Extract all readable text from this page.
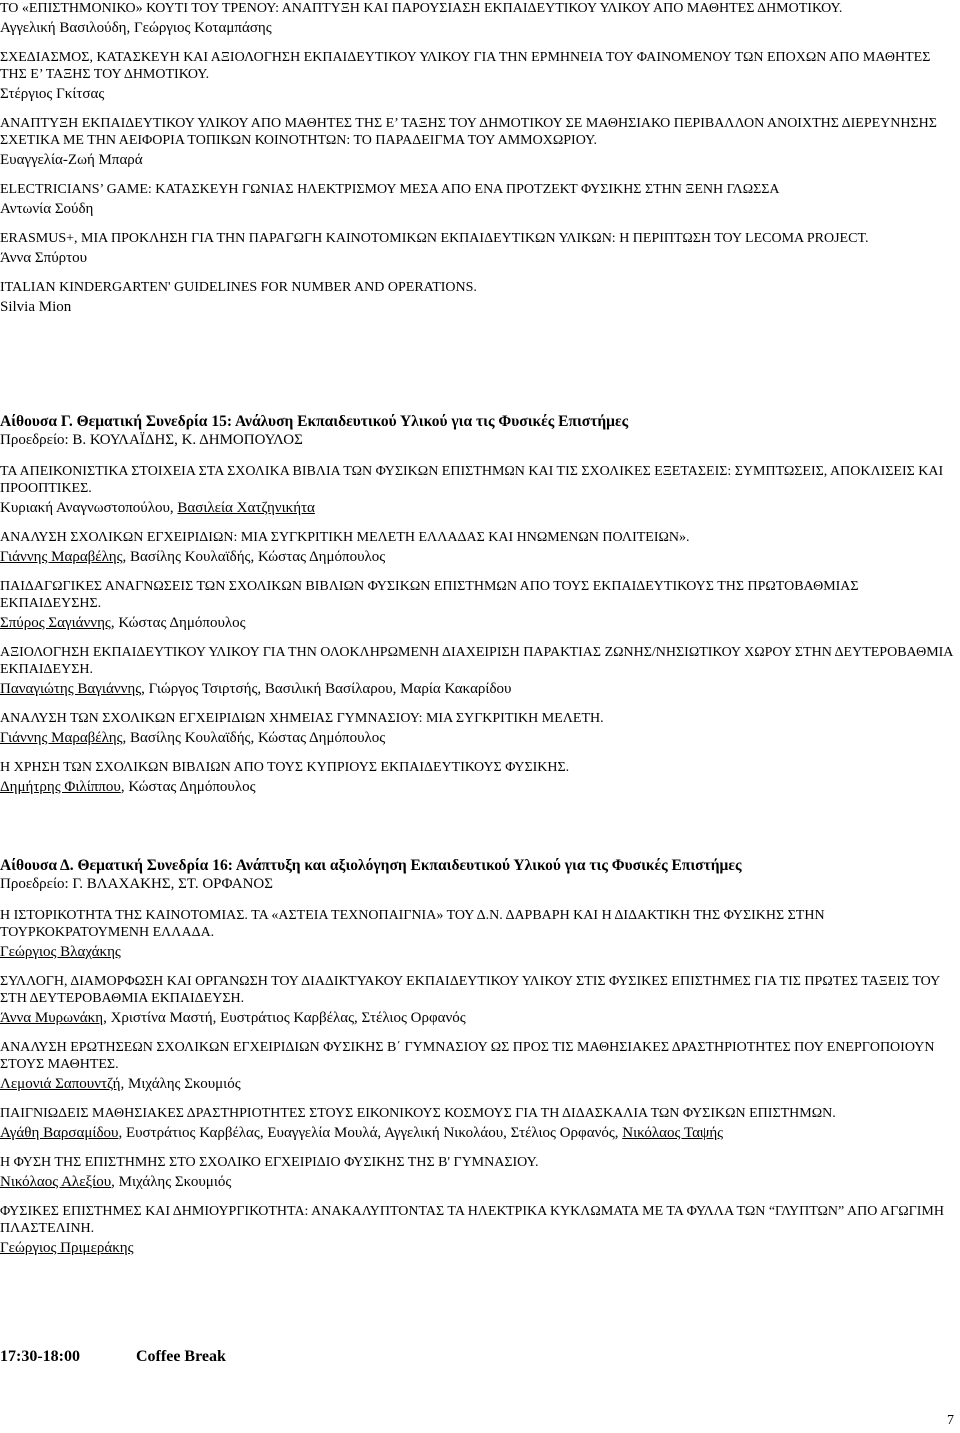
ΤΟ «ΕΠΙΣΤΗΜΟΝΙΚΟ» ΚΟΥΤΙ ΤΟΥ ΤΡΕΝΟΥ: ΑΝΑΠΤΥΞΗ ΚΑΙ ΠΑΡΟΥΣΙΑΣΗ ΕΚΠΑΙΔΕΥΤΙΚΟΥ ΥΛΙΚΟΥ ΑΠΟ ΜΑΘΗΤΕΣ ΔΗΜΟΤΙΚΟΥ.

Αγγελική Βασιλούδη, Γεώργιος Κοταμπάσης

ΣΧΕΔΙΑΣΜΟΣ, ΚΑΤΑΣΚΕΥΗ ΚΑΙ ΑΞΙΟΛΟΓΗΣΗ ΕΚΠΑΙΔΕΥΤΙΚΟΥ ΥΛΙΚΟΥ ΓΙΑ ΤΗΝ ΕΡΜΗΝΕΙΑ ΤΟΥ ΦΑΙΝΟΜΕΝΟΥ ΤΩΝ ΕΠΟΧΩΝ ΑΠΟ ΜΑΘΗΤΕΣ ΤΗΣ Ε’ ΤΑΞΗΣ ΤΟΥ ΔΗΜΟΤΙΚΟΥ.

Στέργιος Γκίτσας

ΑΝΑΠΤΥΞΗ ΕΚΠΑΙΔΕΥΤΙΚΟΥ ΥΛΙΚΟΥ ΑΠΟ ΜΑΘΗΤΕΣ ΤΗΣ Ε’ ΤΑΞΗΣ ΤΟΥ ΔΗΜΟΤΙΚΟΥ ΣΕ ΜΑΘΗΣΙΑΚΟ ΠΕΡΙΒΑΛΛΟΝ ΑΝΟΙΧΤΗΣ ΔΙΕΡΕΥΝΗΣΗΣ ΣΧΕΤΙΚΑ ΜΕ ΤΗΝ ΑΕΙΦΟΡΙΑ ΤΟΠΙΚΩΝ ΚΟΙΝΟΤΗΤΩΝ: ΤΟ ΠΑΡΑΔΕΙΓΜΑ ΤΟΥ ΑΜΜΟΧΩΡΙΟΥ.

Ευαγγελία-Ζωή Μπαρά

ELECTRICIANS’ GAME: ΚΑΤΑΣΚΕΥΗ ΓΩΝΙΑΣ ΗΛΕΚΤΡΙΣΜΟΥ ΜΕΣΑ ΑΠΟ ΕΝΑ ΠΡΟΤΖΕΚΤ ΦΥΣΙΚΗΣ ΣΤΗΝ ΞΕΝΗ ΓΛΩΣΣΑ

Αντωνία Σούδη

ERASMUS+, ΜΙΑ ΠΡΟΚΛΗΣΗ ΓΙΑ ΤΗΝ ΠΑΡΑΓΩΓΗ ΚΑΙΝΟΤΟΜΙΚΩΝ ΕΚΠΑΙΔΕΥΤΙΚΩΝ ΥΛΙΚΩΝ: Η ΠΕΡΙΠΤΩΣΗ ΤΟΥ LECOMA PROJECT.

Άννα Σπύρτου

ITALIAN KINDERGARTEN' GUIDELINES FOR NUMBER AND OPERATIONS.

Silvia Mion

Αίθουσα Γ. Θεματική Συνεδρία 15: Ανάλυση Εκπαιδευτικού Υλικού για τις Φυσικές Επιστήμες

Προεδρείο: Β. ΚΟΥΛΑΪΔΗΣ, Κ. ΔΗΜΟΠΟΥΛΟΣ

ΤΑ ΑΠΕΙΚΟΝΙΣΤΙΚΑ ΣΤΟΙΧΕΙΑ ΣΤΑ ΣΧΟΛΙΚΑ ΒΙΒΛΙΑ ΤΩΝ ΦΥΣΙΚΩΝ ΕΠΙΣΤΗΜΩΝ ΚΑΙ ΤΙΣ ΣΧΟΛΙΚΕΣ ΕΞΕΤΑΣΕΙΣ: ΣΥΜΠΤΩΣΕΙΣ, ΑΠΟΚΛΙΣΕΙΣ ΚΑΙ ΠΡΟΟΠΤΙΚΕΣ.

Κυριακή Αναγνωστοπούλου, Βασιλεία Χατζηνικήτα

ΑΝΑΛΥΣΗ ΣΧΟΛΙΚΩΝ ΕΓΧΕΙΡΙΔΙΩΝ: ΜΙΑ ΣΥΓΚΡΙΤΙΚΗ ΜΕΛΕΤΗ ΕΛΛΑΔΑΣ ΚΑΙ ΗΝΩΜΕΝΩΝ ΠΟΛΙΤΕΙΩΝ».

Γιάννης Μαραβέλης, Βασίλης Κουλαϊδής, Κώστας Δημόπουλος

ΠΑΙΔΑΓΩΓΙΚΕΣ ΑΝΑΓΝΩΣΕΙΣ ΤΩΝ ΣΧΟΛΙΚΩΝ ΒΙΒΛΙΩΝ ΦΥΣΙΚΩΝ ΕΠΙΣΤΗΜΩΝ ΑΠΟ ΤΟΥΣ ΕΚΠΑΙΔΕΥΤΙΚΟΥΣ ΤΗΣ ΠΡΩΤΟΒΑΘΜΙΑΣ ΕΚΠΑΙΔΕΥΣΗΣ.

Σπύρος Σαγιάννης, Κώστας Δημόπουλος

ΑΞΙΟΛΟΓΗΣΗ ΕΚΠΑΙΔΕΥΤΙΚΟΥ ΥΛΙΚΟΥ ΓΙΑ ΤΗΝ ΟΛΟΚΛΗΡΩΜΕΝΗ ΔΙΑΧΕΙΡΙΣΗ ΠΑΡΑΚΤΙΑΣ ΖΩΝΗΣ/ΝΗΣΙΩΤΙΚΟΥ ΧΩΡΟΥ ΣΤΗΝ ΔΕΥΤΕΡΟΒΑΘΜΙΑ ΕΚΠΑΙΔΕΥΣΗ.

Παναγιώτης Βαγιάννης, Γιώργος Τσιρτσής, Βασιλική Βασίλαρου, Μαρία Κακαρίδου

ΑΝΑΛΥΣΗ ΤΩΝ ΣΧΟΛΙΚΩΝ ΕΓΧΕΙΡΙΔΙΩΝ ΧΗΜΕΙΑΣ ΓΥΜΝΑΣΙΟΥ: ΜΙΑ ΣΥΓΚΡΙΤΙΚΗ ΜΕΛΕΤΗ.

Γιάννης Μαραβέλης, Βασίλης Κουλαϊδής, Κώστας Δημόπουλος

Η ΧΡΗΣΗ ΤΩΝ ΣΧΟΛΙΚΩΝ ΒΙΒΛΙΩΝ ΑΠΟ ΤΟΥΣ ΚΥΠΡΙΟΥΣ ΕΚΠΑΙΔΕΥΤΙΚΟΥΣ ΦΥΣΙΚΗΣ.

Δημήτρης Φιλίππου, Κώστας Δημόπουλος

Αίθουσα Δ. Θεματική Συνεδρία 16: Ανάπτυξη και αξιολόγηση Εκπαιδευτικού Υλικού για τις Φυσικές Επιστήμες

Προεδρείο: Γ. ΒΛΑΧΑΚΗΣ, ΣΤ. ΟΡΦΑΝΟΣ

Η ΙΣΤΟΡΙΚΟΤΗΤΑ ΤΗΣ ΚΑΙΝΟΤΟΜΙΑΣ. ΤΑ «ΑΣΤΕΙΑ ΤΕΧΝΟΠΑΙΓΝΙΑ» ΤΟΥ Δ.Ν. ΔΑΡΒΑΡΗ ΚΑΙ Η ΔΙΔΑΚΤΙΚΗ ΤΗΣ ΦΥΣΙΚΗΣ ΣΤΗΝ ΤΟΥΡΚΟΚΡΑΤΟΥΜΕΝΗ ΕΛΛΑΔΑ.

Γεώργιος Βλαχάκης

ΣΥΛΛΟΓΗ, ΔΙΑΜΟΡΦΩΣΗ ΚΑΙ ΟΡΓΑΝΩΣΗ ΤΟΥ ΔΙΑΔΙΚΤΥΑΚΟΥ ΕΚΠΑΙΔΕΥΤΙΚΟΥ ΥΛΙΚΟΥ ΣΤΙΣ ΦΥΣΙΚΕΣ ΕΠΙΣΤΗΜΕΣ ΓΙΑ ΤΙΣ ΠΡΩΤΕΣ ΤΑΞΕΙΣ ΤΟΥ ΣΤΗ ΔΕΥΤΕΡΟΒΑΘΜΙΑ ΕΚΠΑΙΔΕΥΣΗ.

Άννα Μυρωνάκη, Χριστίνα Μαστή, Ευστράτιος Καρβέλας, Στέλιος Ορφανός

ΑΝΑΛΥΣΗ ΕΡΩΤΗΣΕΩΝ ΣΧΟΛΙΚΩΝ ΕΓΧΕΙΡΙΔΙΩΝ ΦΥΣΙΚΗΣ Β΄ ΓΥΜΝΑΣΙΟΥ ΩΣ ΠΡΟΣ ΤΙΣ ΜΑΘΗΣΙΑΚΕΣ ΔΡΑΣΤΗΡΙΟΤΗΤΕΣ ΠΟΥ ΕΝΕΡΓΟΠΟΙΟΥΝ ΣΤΟΥΣ ΜΑΘΗΤΕΣ.

Λεμονιά Σαπουντζή, Μιχάλης Σκουμιός

ΠΑΙΓΝΙΩΔΕΙΣ ΜΑΘΗΣΙΑΚΕΣ ΔΡΑΣΤΗΡΙΟΤΗΤΕΣ ΣΤΟΥΣ ΕΙΚΟΝΙΚΟΥΣ ΚΟΣΜΟΥΣ ΓΙΑ ΤΗ ΔΙΔΑΣΚΑΛΙΑ ΤΩΝ ΦΥΣΙΚΩΝ ΕΠΙΣΤΗΜΩΝ.

Αγάθη Βαρσαμίδου, Ευστράτιος Καρβέλας, Ευαγγελία Μουλά, Αγγελική Νικολάου, Στέλιος Ορφανός, Νικόλαος Ταψής

Η ΦΥΣΗ ΤΗΣ ΕΠΙΣΤΗΜΗΣ ΣΤΟ ΣΧΟΛΙΚΟ ΕΓΧΕΙΡΙΔΙΟ ΦΥΣΙΚΗΣ ΤΗΣ Β' ΓΥΜΝΑΣΙΟΥ.

Νικόλαος Αλεξίου, Μιχάλης Σκουμιός

ΦΥΣΙΚΕΣ ΕΠΙΣΤΗΜΕΣ ΚΑΙ ΔΗΜΙΟΥΡΓΙΚΟΤΗΤΑ: ΑΝΑΚΑΛΥΠΤΟΝΤΑΣ ΤΑ ΗΛΕΚΤΡΙΚΑ ΚΥΚΛΩΜΑΤΑ ΜΕ ΤΑ ΦΥΛΛΑ ΤΩΝ “ΓΛΥΠΤΩΝ” ΑΠΟ ΑΓΩΓΙΜΗ ΠΛΑΣΤΕΛΙΝΗ.

Γεώργιος Πριμεράκης

17:30-18:00	Coffee Break
7
